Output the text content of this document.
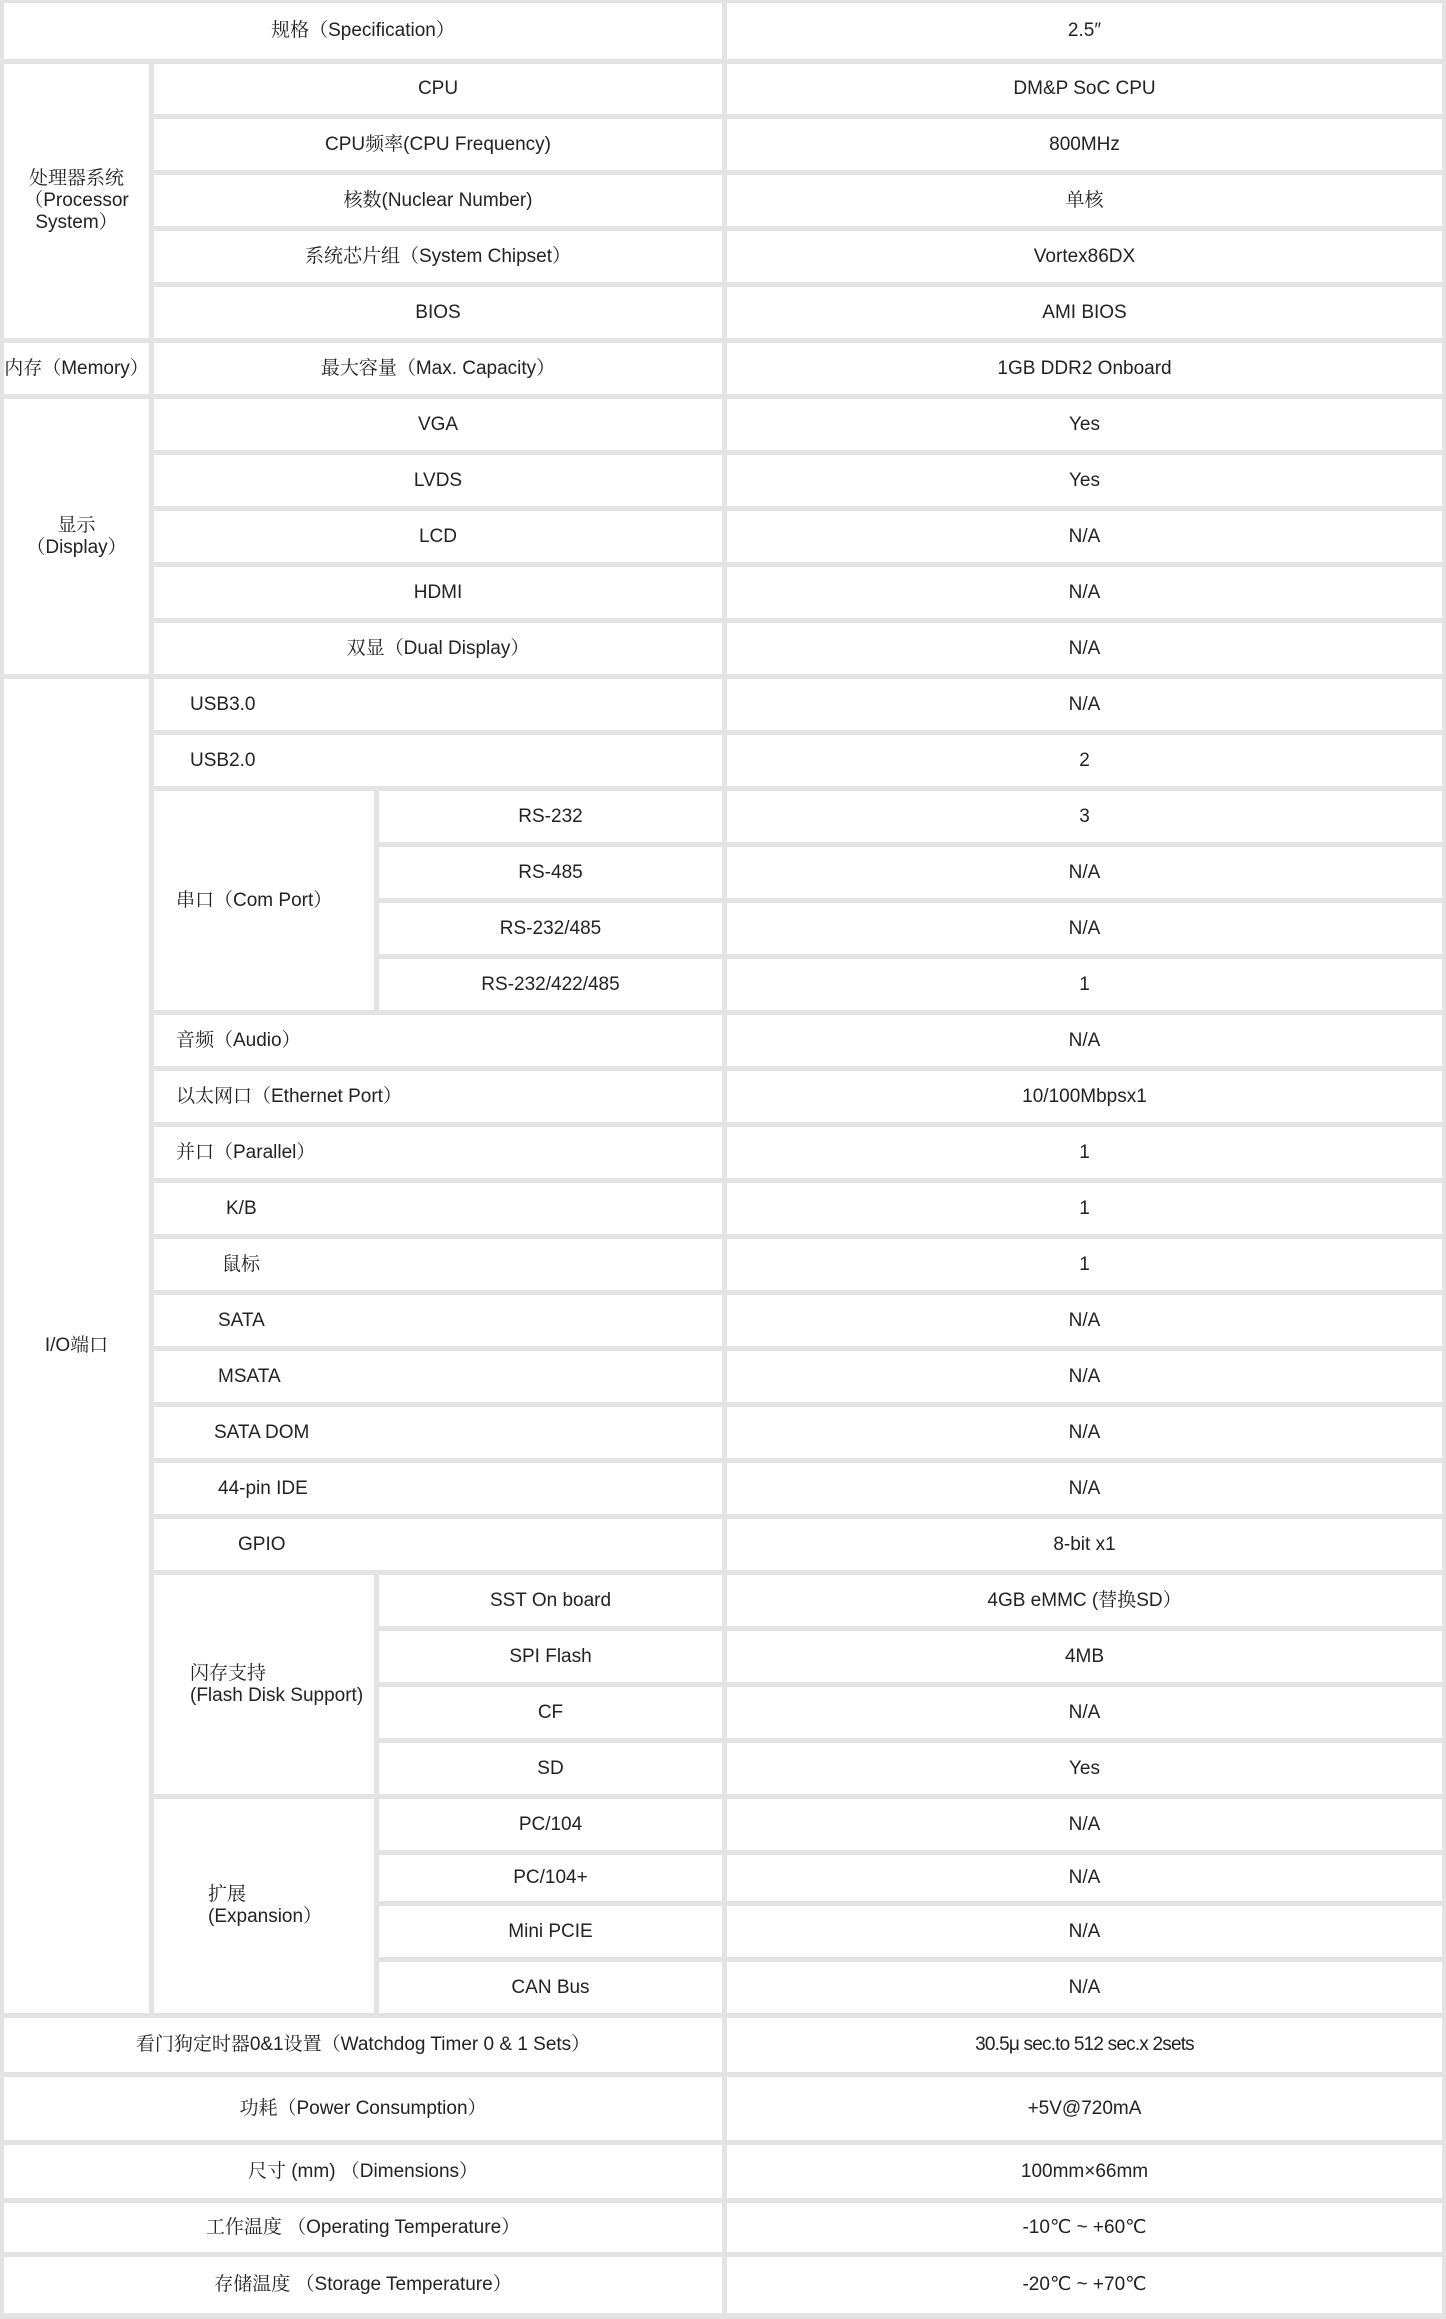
规格（Specification）	2.5″
处理器系统
（Processor
System）
CPU	DM&P SoC CPU
CPU频率(CPU Frequency)	800MHz
核数(Nuclear Number)	单核
系统芯片组（System Chipset）	Vortex86DX
BIOS	AMI BIOS
内存（Memory）	最大容量（Max. Capacity）	1GB DDR2 Onboard
显示
（Display）
VGA	Yes
LVDS	Yes
LCD	N/A
HDMI	N/A
双显（Dual Display）	N/A
I/O端口
USB3.0	N/A
USB2.0	2
串口（Com Port）
RS-232	3
RS-485	N/A
RS-232/485	N/A
RS-232/422/485	1
音频（Audio）	N/A
以太网口（Ethernet Port）	10/100Mbpsx1
并口（Parallel）	1
K/B	1
鼠标	1
SATA	N/A
MSATA	N/A
SATA DOM	N/A
44-pin IDE	N/A
GPIO	8-bit x1
闪存支持
(Flash Disk Support)
SST On board	4GB eMMC (替换SD）
SPI Flash	4MB
CF	N/A
SD	Yes
扩展
(Expansion）
PC/104	N/A
PC/104+	N/A
Mini PCIE	N/A
CAN Bus	N/A
看门狗定时器0&1设置（Watchdog Timer 0 & 1 Sets）	30.5μ sec.to 512 sec.x 2sets
功耗（Power Consumption）	+5V@720mA
尺寸 (mm) （Dimensions）	100mm×66mm
工作温度 （Operating Temperature）	-10℃ ~ +60℃
存储温度 （Storage Temperature）	-20℃ ~ +70℃
